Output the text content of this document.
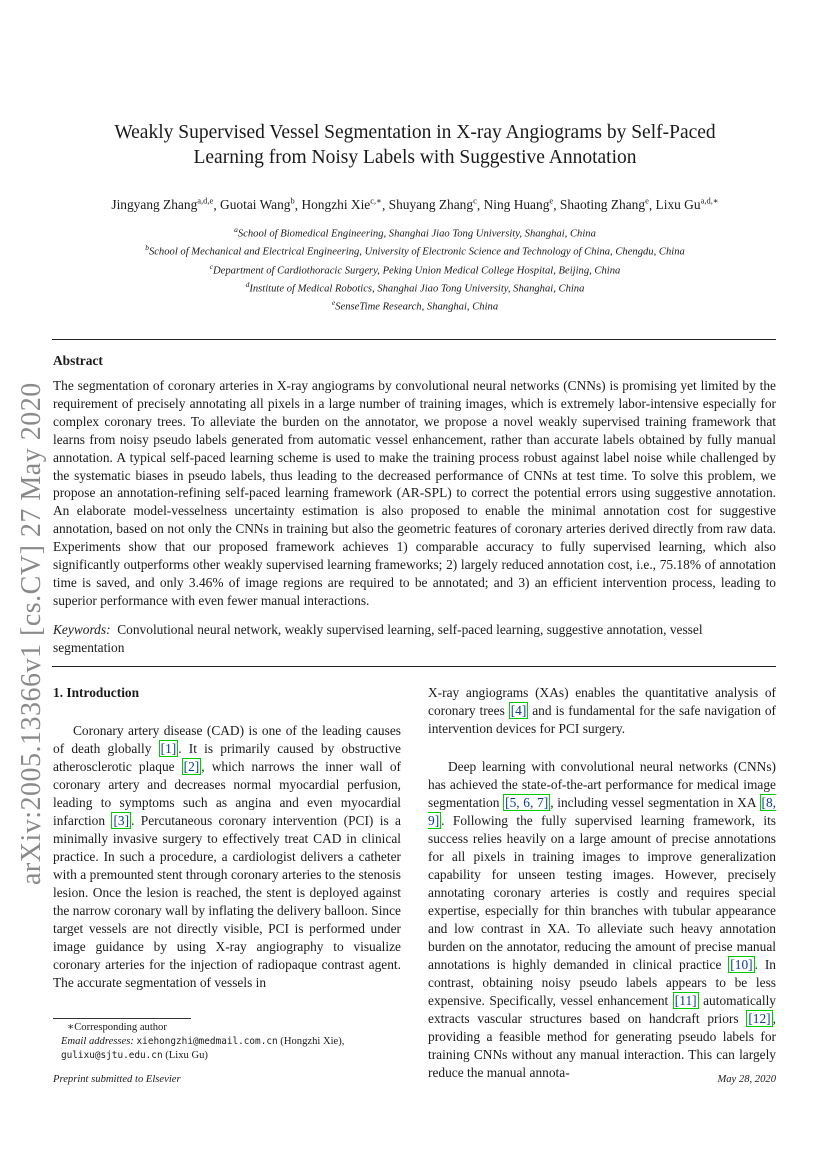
arXiv:2005.13366v1 [cs.CV] 27 May 2020
Weakly Supervised Vessel Segmentation in X-ray Angiograms by Self-Paced
Learning from Noisy Labels with Suggestive Annotation
Jingyang Zhang$^{a,d,e}$, Guotai Wang$^b$, Hongzhi Xie$^{c,∗}$, Shuyang Zhang$^c$, Ning Huang$^e$, Shaoting Zhang$^e$, Lixu $Gu^{a,d,∗}$
$^a$School of Biomedical Engineering, Shanghai Jiao Tong University, Shanghai, China
$^b$School of Mechanical and Electrical Engineering, University of Electronic Science and Technology of China, Chengdu, China
$^c$Department of Cardiothoracic Surgery, Peking Union Medical College Hospital, Beijing, China
$^d$Institute of Medical Robotics, Shanghai Jiao Tong University, Shanghai, China
$^e$SenseTime Research, Shanghai, China
Abstract
The segmentation of coronary arteries in X-ray angiograms by convolutional neural networks (CNNs) is promising yet limited by the requirement of precisely annotating all pixels in a large number of training images, which is extremely labor-intensive especially for complex coronary trees. To alleviate the burden on the annotator, we propose a novel weakly supervised training framework that learns from noisy pseudo labels generated from automatic vessel enhancement, rather than accurate labels obtained by fully manual annotation. A typical self-paced learning scheme is used to make the training process robust against label noise while challenged by the systematic biases in pseudo labels, thus leading to the decreased performance of CNNs at test time. To solve this problem, we propose an annotation-refining self-paced learning framework (AR-SPL) to correct the potential errors using suggestive annotation. An elaborate model-vesselness uncertainty estimation is also proposed to enable the minimal annotation cost for suggestive annotation, based on not only the CNNs in training but also the geometric features of coronary arteries derived directly from raw data. Experiments show that our proposed framework achieves 1) comparable accuracy to fully supervised learning, which also significantly outperforms other weakly supervised learning frameworks; 2) largely reduced annotation cost, i.e., 75.18% of annotation time is saved, and only 3.46% of image regions are required to be annotated; and 3) an efficient intervention process, leading to superior performance with even fewer manual interactions.
Keywords: Convolutional neural network, weakly supervised learning, self-paced learning, suggestive annotation, vessel segmentation
1. Introduction

Coronary artery disease (CAD) is one of the leading causes of death globally [1] . It is primarily caused by obstructive atherosclerotic plaque [2] , which narrows the inner wall of coronary artery and decreases normal myocardial perfusion, leading to symptoms such as angina and even myocardial infarction [3] . Percutaneous coronary intervention (PCI) is a minimally invasive surgery to effectively treat CAD in clinical practice. In such a procedure, a cardiologist delivers a catheter with a premounted stent through coronary arteries to the stenosis lesion. Once the lesion is reached, the stent is deployed against the narrow coronary wall by inflating the delivery balloon. Since target vessels are not directly visible, PCI is performed under image guidance by using X-ray angiography to visualize coronary arteries for the injection of radiopaque contrast agent. The accurate segmentation of vessels in

X-ray angiograms (XAs) enables the quantitative analysis of coronary trees [4] and is fundamental for the safe navigation of intervention devices for PCI surgery.

Deep learning with convolutional neural networks (CNNs) has achieved the state-of-the-art performance for medical image segmentation [5, 6, 7] , including vessel segmentation in XA [8, 9] . Following the fully supervised learning framework, its success relies heavily on a large amount of precise annotations for all pixels in training images to improve generalization capability for unseen testing images. However, precisely annotating coronary arteries is costly and requires special expertise, especially for thin branches with tubular appearance and low contrast in XA. To alleviate such heavy annotation burden on the annotator, reducing the amount of precise manual annotations is highly demanded in clinical practice [10] . In contrast, obtaining noisy pseudo labels appears to be less expensive. Specifically, vessel enhancement [11] automatically extracts vascular structures based on handcraft priors [12] , providing a feasible method for generating pseudo labels for training CNNs without any manual interaction. This can largely reduce the manual annota-

∗Corresponding author
Email addresses: xiehongzhi@medmail.com.cn (Hongzhi Xie),
gulixu@sjtu.edu.cn (Lixu Gu)
Preprint submitted to Elsevier	May 28, 2020
